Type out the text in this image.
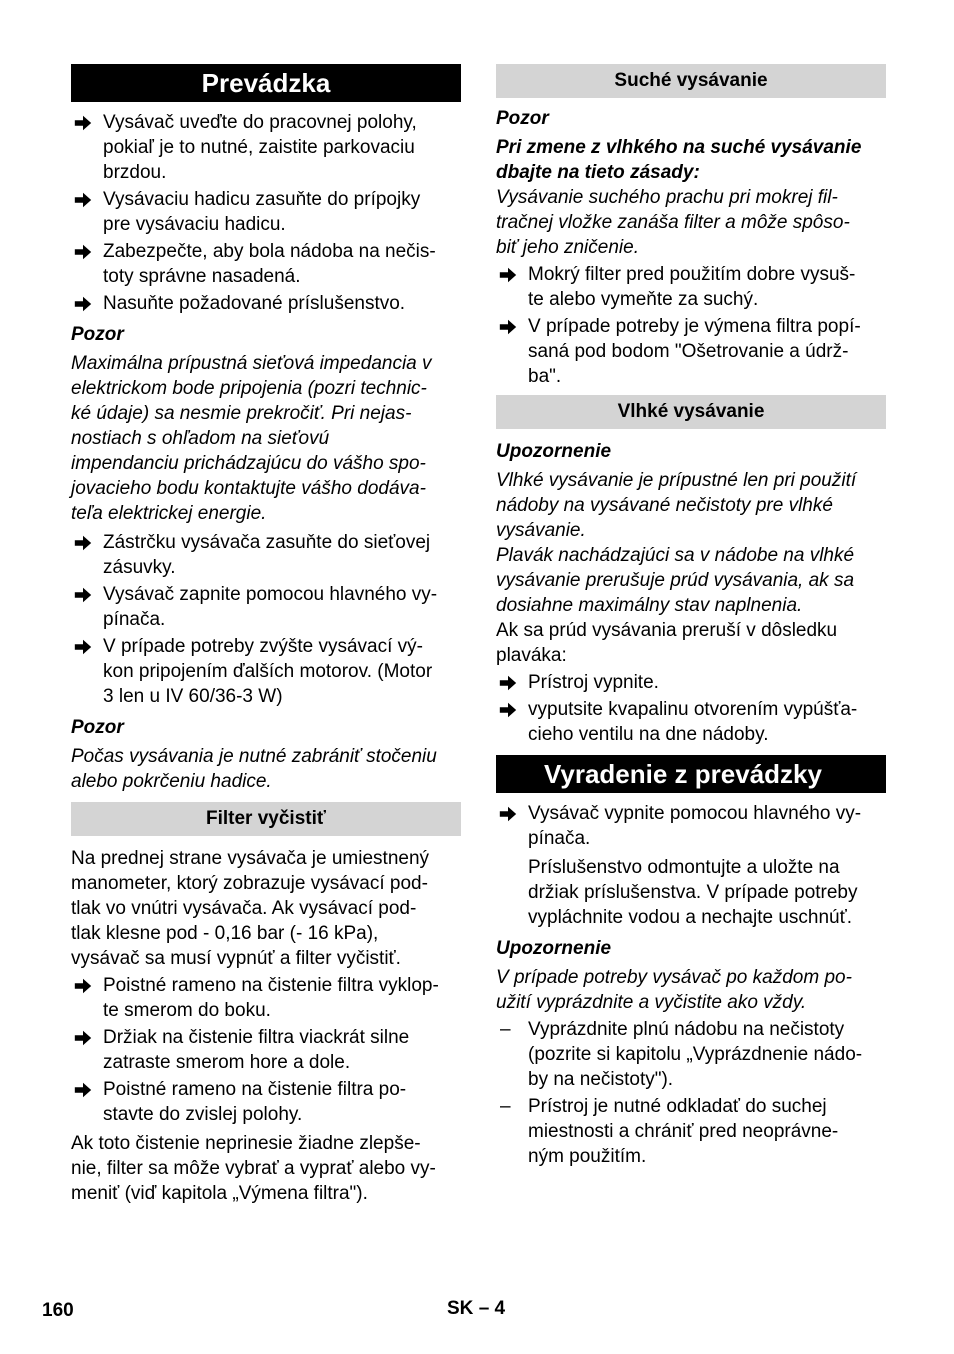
Prevádzka
Vysávač uveďte do pracovnej polohy,
pokiaľ je to nutné, zaistite parkovaciu
brzdou.
Vysávaciu hadicu zasuňte do prípojky
pre vysávaciu hadicu.
Zabezpečte, aby bola nádoba na nečis-
toty správne nasadená.
Nasuňte požadované príslušenstvo.

Pozor

Maximálna prípustná sieťová impedancia v
elektrickom bode pripojenia (pozri technic-
ké údaje) sa nesmie prekročiť. Pri nejas-
nostiach s ohľadom na sieťovú
impendanciu prichádzajúcu do vášho spo-
jovacieho bodu kontaktujte vášho dodáva-
teľa elektrickej energie.
Zástrčku vysávača zasuňte do sieťovej
zásuvky.
Vysávač zapnite pomocou hlavného vy-
pínača.
V prípade potreby zvýšte vysávací vý-
kon pripojením ďalších motorov. (Motor
3 len u IV 60/36-3 W)

Pozor

Počas vysávania je nutné zabrániť stočeniu
alebo pokrčeniu hadice.
Filter vyčistiť
Na prednej strane vysávača je umiestnený
manometer, ktorý zobrazuje vysávací pod-
tlak vo vnútri vysávača. Ak vysávací pod-
tlak klesne pod - 0,16 bar (- 16 kPa),
vysávač sa musí vypnúť a filter vyčistiť.
Poistné rameno na čistenie filtra vyklop-
te smerom do boku.
Držiak na čistenie filtra viackrát silne
zatraste smerom hore a dole.
Poistné rameno na čistenie filtra po-
stavte do zvislej polohy.
Ak toto čistenie neprinesie žiadne zlepše-
nie, filter sa môže vybrať a vyprať alebo vy-
meniť (viď kapitola „Výmena filtra").
Suché vysávanie

Pozor

Pri zmene z vlhkého na suché vysávanie
dbajte na tieto zásady:
Vysávanie suchého prachu pri mokrej fil-
tračnej vložke zanáša filter a môže spôso-
biť jeho zničenie.
Mokrý filter pred použitím dobre vysuš-
te alebo vymeňte za suchý.
V prípade potreby je výmena filtra popí-
saná pod bodom "Ošetrovanie a údrž-
ba".
Vlhké vysávanie

Upozornenie

Vlhké vysávanie je prípustné len pri použití
nádoby na vysávané nečistoty pre vlhké
vysávanie.
Plavák nachádzajúci sa v nádobe na vlhké
vysávanie prerušuje prúd vysávania, ak sa
dosiahne maximálny stav naplnenia.
Ak sa prúd vysávania preruší v dôsledku
plaváka:
Prístroj vypnite.
vyputsite kvapalinu otvorením vypúšťa-
cieho ventilu na dne nádoby.
Vyradenie z prevádzky
Vysávač vypnite pomocou hlavného vy-
pínača.
Príslušenstvo odmontujte a uložte na
držiak príslušenstva. V prípade potreby
vypláchnite vodou a nechajte uschnúť.

Upozornenie

V prípade potreby vysávač po každom po-
užití vyprázdnite a vyčistite ako vždy.
– Vyprázdnite plnú nádobu na nečistoty
(pozrite si kapitolu „Vyprázdnenie nádo-
by na nečistoty").
– Prístroj je nutné odkladať do suchej
miestnosti a chrániť pred neoprávne-
ným použitím.
160	SK – 4
